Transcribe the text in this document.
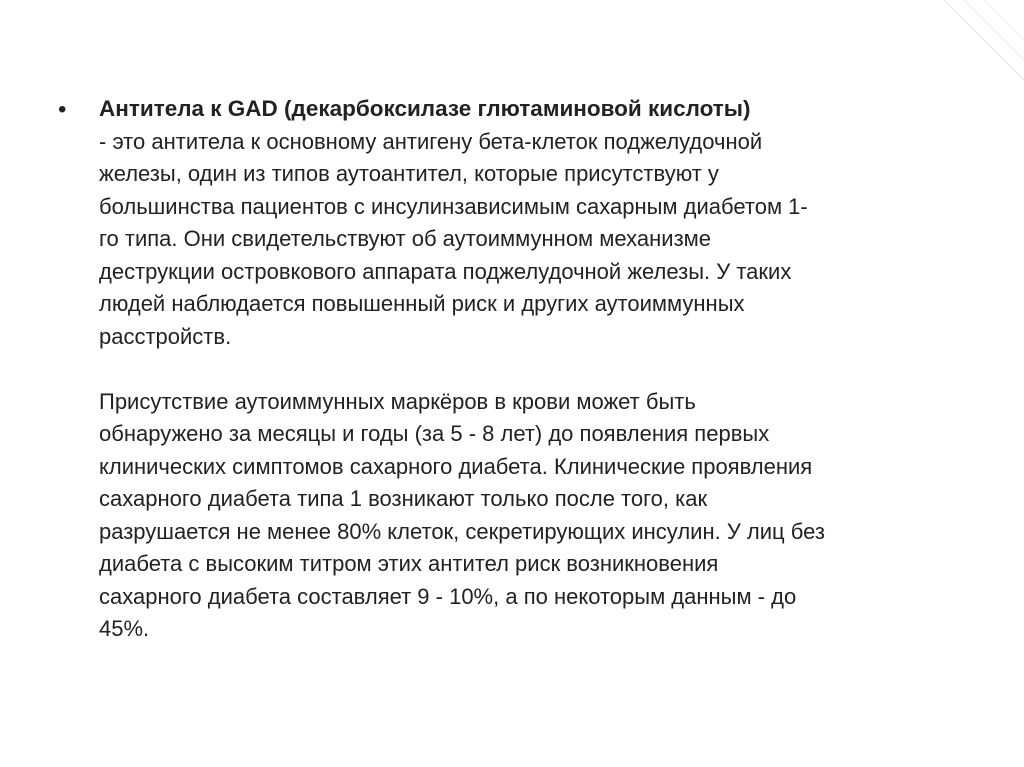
• Антитела к GAD (декарбоксилазе глютаминовой кислоты)
- это антитела к основному антигену бета-клеток поджелудочной
железы, один из типов аутоантител, которые присутствуют у
большинства пациентов с инсулинзависимым сахарным диабетом 1-
го типа. Они свидетельствуют об аутоиммунном механизме
деструкции островкового аппарата поджелудочной железы. У таких
людей наблюдается повышенный риск и других аутоиммунных
расстройств.
Присутствие аутоиммунных маркёров в крови может быть
обнаружено за месяцы и годы (за 5 - 8 лет) до появления первых
клинических симптомов сахарного диабета. Клинические проявления
сахарного диабета типа 1 возникают только после того, как
разрушается не менее 80% клеток, секретирующих инсулин. У лиц без
диабета с высоким титром этих антител риск возникновения
сахарного диабета составляет 9 - 10%, а по некоторым данным - до
45%.
